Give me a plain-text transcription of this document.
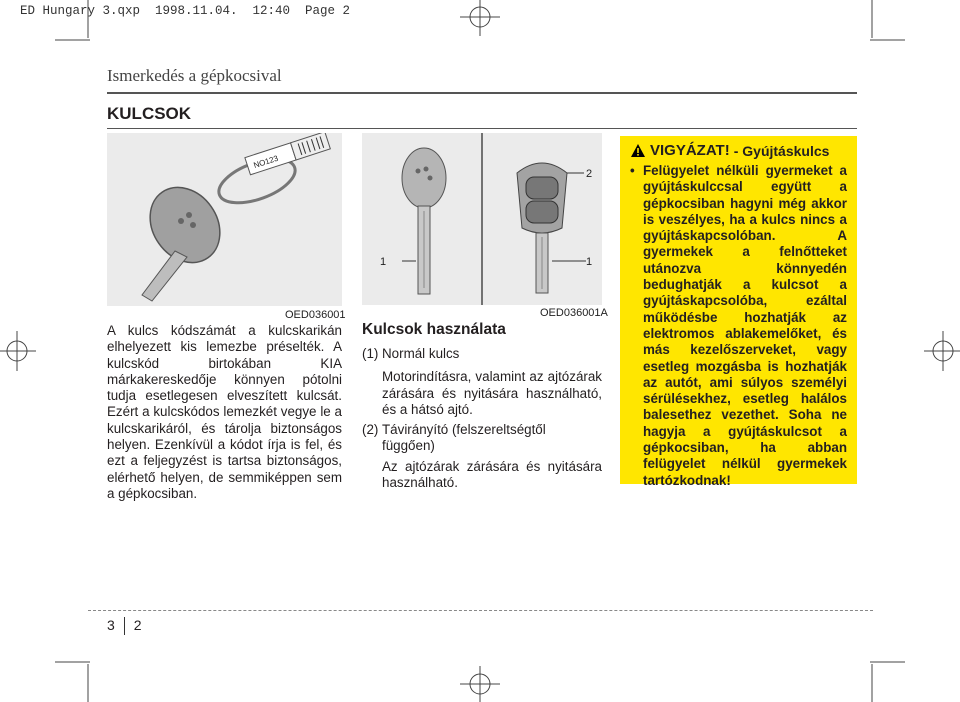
ED Hungary 3.qxp  1998.11.04.  12:40  Page 2
Ismerkedés a gépkocsival
KULCSOK
NO123
OED036001
1
2
1
OED036001A
A kulcs kódszámát a kulcskarikán elhelyezett kis lemezbe préselték. A kulcskód birtokában KIA márkakereskedője könnyen pótolni tudja esetlegesen elveszített kulcsát. Ezért a kulcskódos lemezkét vegye le a kulcskarikáról, és tárolja biztonságos helyen. Ezenkívül a kódot írja is fel, és ezt a feljegyzést is tartsa biztonságos, elérhető helyen, de semmiképpen sem a gépkocsiban.
Kulcsok használata
(1) Normál kulcs
Motorindításra, valamint az ajtózárak zárására és nyitására használható, és a hátsó ajtó.
(2) Távirányító (felszereltségtől függően)
Az ajtózárak zárására és nyitására használható.
VIGYÁZAT! - Gyújtáskulcs
• Felügyelet nélküli gyermeket a gyújtáskulccsal együtt a gépkocsiban hagyni még akkor is veszélyes, ha a kulcs nincs a gyújtáskapcsolóban. A gyermekek a felnőtteket utánozva könnyedén bedughatják a kulcsot a gyújtáskapcsolóba, ezáltal működésbe hozhatják az elektromos ablakemelőket, és más kezelőszerveket, vagy esetleg mozgásba is hozhatják az autót, ami súlyos személyi sérülésekhez, esetleg halálos balesethez vezethet. Soha ne hagyja a gyújtáskulcsot a gépkocsiban, ha abban felügyelet nélkül gyermekek tartózkodnak!
3 2
